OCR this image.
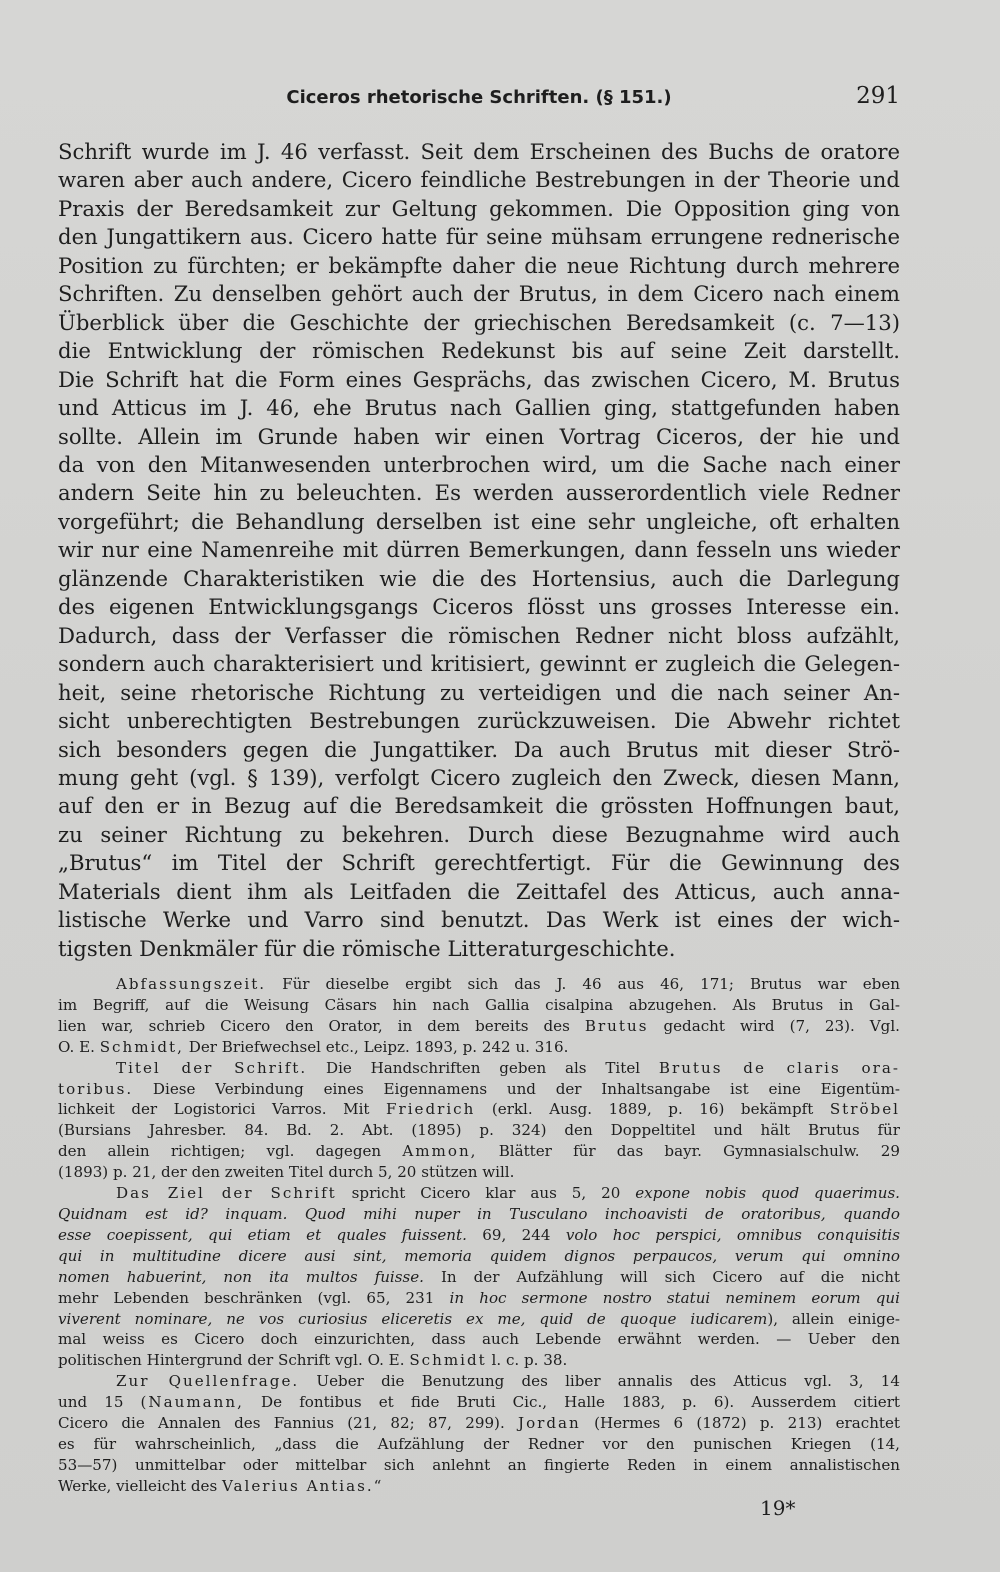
Ciceros rhetorische Schriften. (§ 151.)	291
Schrift wurde im J. 46 verfasst. Seit dem Erscheinen des Buchs de oratore
waren aber auch andere, Cicero feindliche Bestrebungen in der Theorie und
Praxis der Beredsamkeit zur Geltung gekommen. Die Opposition ging von
den Jungattikern aus. Cicero hatte für seine mühsam errungene rednerische
Position zu fürchten; er bekämpfte daher die neue Richtung durch mehrere
Schriften. Zu denselben gehört auch der Brutus, in dem Cicero nach einem
Überblick über die Geschichte der griechischen Beredsamkeit (c. 7—13)
die Entwicklung der römischen Redekunst bis auf seine Zeit darstellt.
Die Schrift hat die Form eines Gesprächs, das zwischen Cicero, M. Brutus
und Atticus im J. 46, ehe Brutus nach Gallien ging, stattgefunden haben
sollte. Allein im Grunde haben wir einen Vortrag Ciceros, der hie und
da von den Mitanwesenden unterbrochen wird, um die Sache nach einer
andern Seite hin zu beleuchten. Es werden ausserordentlich viele Redner
vorgeführt; die Behandlung derselben ist eine sehr ungleiche, oft erhalten
wir nur eine Namenreihe mit dürren Bemerkungen, dann fesseln uns wieder
glänzende Charakteristiken wie die des Hortensius, auch die Darlegung
des eigenen Entwicklungsgangs Ciceros flösst uns grosses Interesse ein.
Dadurch, dass der Verfasser die römischen Redner nicht bloss aufzählt,
sondern auch charakterisiert und kritisiert, gewinnt er zugleich die Gelegen-
heit, seine rhetorische Richtung zu verteidigen und die nach seiner An-
sicht unberechtigten Bestrebungen zurückzuweisen. Die Abwehr richtet
sich besonders gegen die Jungattiker. Da auch Brutus mit dieser Strö-
mung geht (vgl. § 139), verfolgt Cicero zugleich den Zweck, diesen Mann,
auf den er in Bezug auf die Beredsamkeit die grössten Hoffnungen baut,
zu seiner Richtung zu bekehren. Durch diese Bezugnahme wird auch
„Brutus“ im Titel der Schrift gerechtfertigt. Für die Gewinnung des
Materials dient ihm als Leitfaden die Zeittafel des Atticus, auch anna-
listische Werke und Varro sind benutzt. Das Werk ist eines der wich-
tigsten Denkmäler für die römische Litteraturgeschichte.
Abfassungszeit. Für dieselbe ergibt sich das J. 46 aus 46, 171; Brutus war eben
im Begriff, auf die Weisung Cäsars hin nach Gallia cisalpina abzugehen. Als Brutus in Gal-
lien war, schrieb Cicero den Orator, in dem bereits des Brutus gedacht wird (7, 23). Vgl.
O. E. Schmidt, Der Briefwechsel etc., Leipz. 1893, p. 242 u. 316.
Titel der Schrift. Die Handschriften geben als Titel Brutus de claris ora-
toribus. Diese Verbindung eines Eigennamens und der Inhaltsangabe ist eine Eigentüm-
lichkeit der Logistorici Varros. Mit Friedrich (erkl. Ausg. 1889, p. 16) bekämpft Ströbel
(Bursians Jahresber. 84. Bd. 2. Abt. (1895) p. 324) den Doppeltitel und hält Brutus für
den allein richtigen; vgl. dagegen Ammon, Blätter für das bayr. Gymnasialschulw. 29
(1893) p. 21, der den zweiten Titel durch 5, 20 stützen will.
Das Ziel der Schrift spricht Cicero klar aus 5, 20 expone nobis quod quaerimus.
Quidnam est id? inquam. Quod mihi nuper in Tusculano inchoavisti de oratoribus, quando
esse coepissent, qui etiam et quales fuissent. 69, 244 volo hoc perspici, omnibus conquisitis
qui in multitudine dicere ausi sint, memoria quidem dignos perpaucos, verum qui omnino
nomen habuerint, non ita multos fuisse. In der Aufzählung will sich Cicero auf die nicht
mehr Lebenden beschränken (vgl. 65, 231 in hoc sermone nostro statui neminem eorum qui
viverent nominare, ne vos curiosius eliceretis ex me, quid de quoque iudicarem), allein einige-
mal weiss es Cicero doch einzurichten, dass auch Lebende erwähnt werden. — Ueber den
politischen Hintergrund der Schrift vgl. O. E. Schmidt l. c. p. 38.
Zur Quellenfrage. Ueber die Benutzung des liber annalis des Atticus vgl. 3, 14
und 15 (Naumann, De fontibus et fide Bruti Cic., Halle 1883, p. 6). Ausserdem citiert
Cicero die Annalen des Fannius (21, 82; 87, 299). Jordan (Hermes 6 (1872) p. 213) erachtet
es für wahrscheinlich, „dass die Aufzählung der Redner vor den punischen Kriegen (14,
53—57) unmittelbar oder mittelbar sich anlehnt an fingierte Reden in einem annalistischen
Werke, vielleicht des Valerius Antias.“
19*
